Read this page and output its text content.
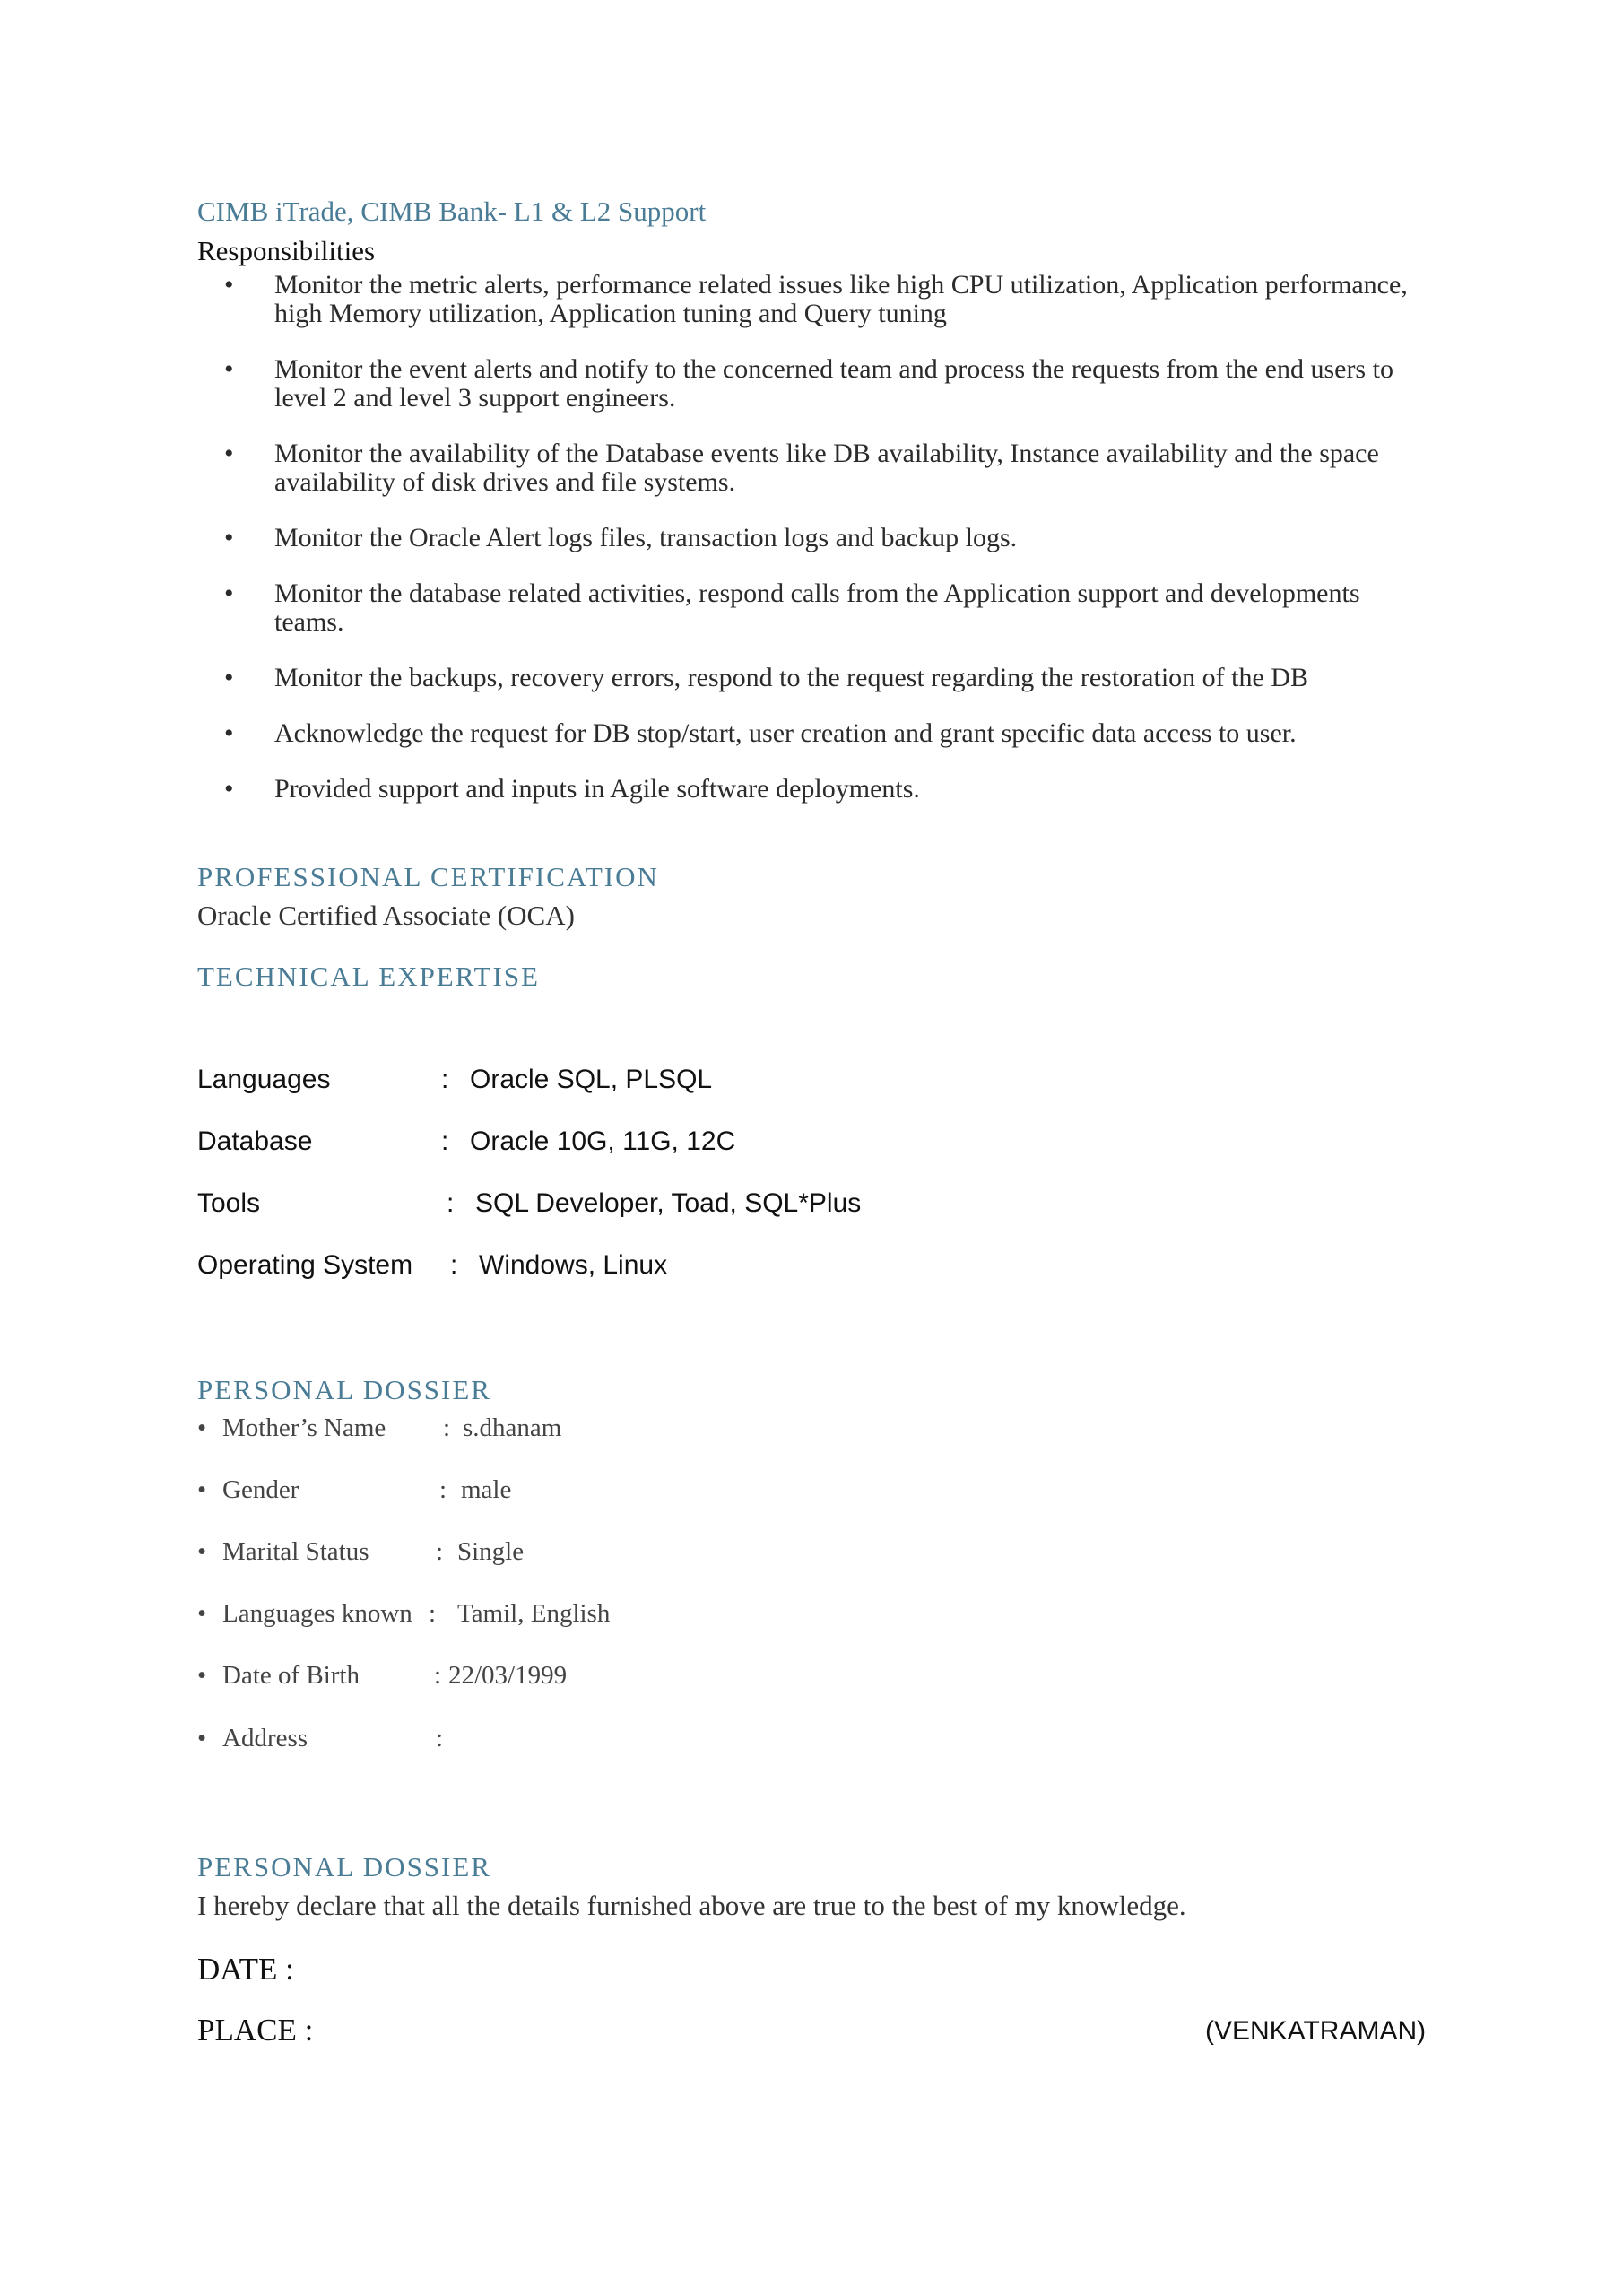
CIMB iTrade, CIMB Bank- L1 & L2 Support
Responsibilities
• Monitor the metric alerts, performance related issues like high CPU utilization, Application performance,
high Memory utilization, Application tuning and Query tuning
• Monitor the event alerts and notify to the concerned team and process the requests from the end users to
level 2 and level 3 support engineers.
• Monitor the availability of the Database events like DB availability, Instance availability and the space
availability of disk drives and file systems.
• Monitor the Oracle Alert logs files, transaction logs and backup logs.
• Monitor the database related activities, respond calls from the Application support and developments
teams.
• Monitor the backups, recovery errors, respond to the request regarding the restoration of the DB
• Acknowledge the request for DB stop/start, user creation and grant specific data access to user.
• Provided support and inputs in Agile software deployments.
PROFESSIONAL CERTIFICATION
Oracle Certified Associate (OCA)
TECHNICAL EXPERTISE
Languages	: Oracle SQL, PLSQL
Database	: Oracle 10G, 11G, 12C
Tools	: SQL Developer, Toad, SQL*Plus
Operating System : Windows, Linux
PERSONAL DOSSIER
• Mother’s Name : s.dhanam
• Gender	: male
• Marital Status	: Single
• Languages known : Tamil, English
• Date of Birth	: 22/03/1999
• Address	:
PERSONAL DOSSIER
I hereby declare that all the details furnished above are true to the best of my knowledge.
DATE :
PLACE :	(VENKATRAMAN)
